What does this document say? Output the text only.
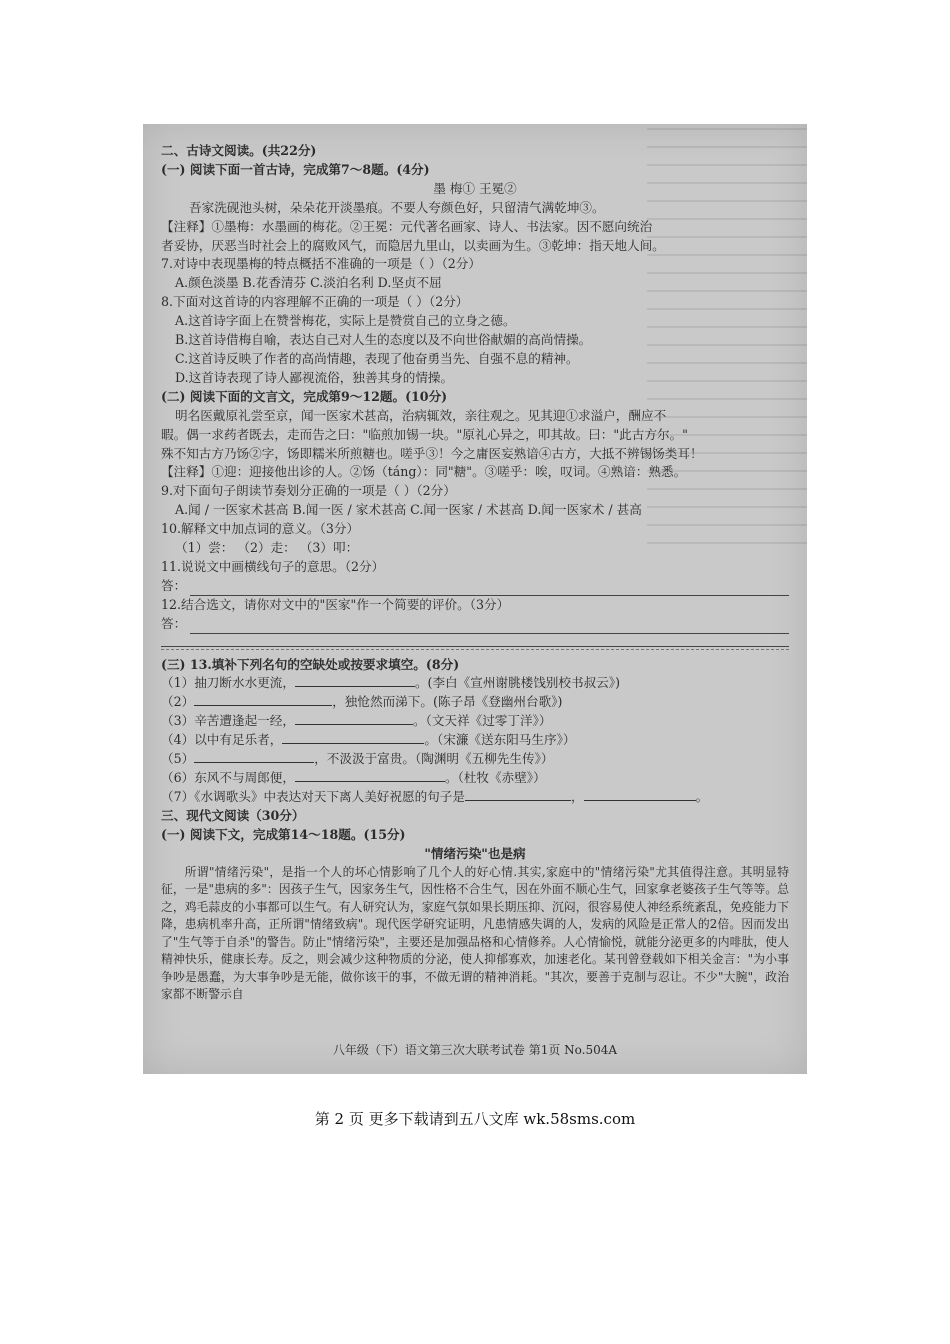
二、古诗文阅读。(共22分)
(一) 阅读下面一首古诗，完成第7～8题。(4分)
墨 梅① 王冕②
吾家洗砚池头树，朵朵花开淡墨痕。不要人夸颜色好，只留清气满乾坤③。
【注释】①墨梅：水墨画的梅花。②王冕：元代著名画家、诗人、书法家。因不愿向统治
者妥协，厌恶当时社会上的腐败风气，而隐居九里山，以卖画为生。③乾坤：指天地人间。
7.对诗中表现墨梅的特点概括不准确的一项是（ ）（2分）
A.颜色淡墨 B.花香清芬 C.淡泊名利 D.坚贞不屈
8.下面对这首诗的内容理解不正确的一项是（ ）（2分）
A.这首诗字面上在赞誉梅花，实际上是赞赏自己的立身之德。
B.这首诗借梅自喻，表达自己对人生的态度以及不向世俗献媚的高尚情操。
C.这首诗反映了作者的高尚情趣，表现了他奋勇当先、自强不息的精神。
D.这首诗表现了诗人鄙视流俗，独善其身的情操。
(二) 阅读下面的文言文，完成第9～12题。(10分)
明名医戴原礼尝至京，闻一医家术甚高，治病辄效，亲往观之。见其迎①求溢户，酬应不
暇。偶一求药者既去，走而告之曰："临煎加锡一块。"原礼心异之，叩其故。曰："此古方尔。"
殊不知古方乃饧②字，饧即糯米所煎糖也。嗟乎③！今之庸医妄熟谙④古方，大抵不辨锡饧类耳！
【注释】①迎：迎接他出诊的人。②饧（táng）：同"糖"。③嗟乎：唉，叹词。④熟谙：熟悉。
9.对下面句子朗读节奏划分正确的一项是（ ）（2分）
A.闻 / 一医家术甚高 B.闻一医 / 家术甚高 C.闻一医家 / 术甚高 D.闻一医家术 / 甚高
10.解释文中加点词的意义。（3分）
（1）尝： （2）走： （3）叩：
11.说说文中画横线句子的意思。（2分）
答：
12.结合选文，请你对文中的"医家"作一个简要的评价。（3分）
答：
(三) 13.填补下列名句的空缺处或按要求填空。(8分)
（1）抽刀断水水更流，	。(李白《宣州谢朓楼饯别校书叔云》)
（2）	，独怆然而涕下。(陈子昂《登幽州台歌》)
（3）辛苦遭逢起一经，	。（文天祥《过零丁洋》）
（4）以中有足乐者，	。（宋濂《送东阳马生序》）
（5）	，不汲汲于富贵。（陶渊明《五柳先生传》）
（6）东风不与周郎便，	。（杜牧《赤壁》）
（7）《水调歌头》中表达对天下离人美好祝愿的句子是	，	。
三、现代文阅读（30分）
(一) 阅读下文，完成第14～18题。(15分)
"情绪污染"也是病
所谓"情绪污染"，是指一个人的坏心情影响了几个人的好心情.其实,家庭中的"情绪污染"尤其值得注意。其明显特征，一是"患病的多"：因孩子生气，因家务生气，因性格不合生气，因在外面不顺心生气，回家拿老婆孩子生气等等。总之，鸡毛蒜皮的小事都可以生气。有人研究认为，家庭气氛如果长期压抑、沉闷，很容易使人神经系统紊乱，免疫能力下降，患病机率升高，正所谓"情绪致病"。现代医学研究证明，凡患情感失调的人，发病的风险是正常人的2倍。因而发出了"生气等于自杀"的警告。防止"情绪污染"，主要还是加强品格和心情修养。人心情愉悦，就能分泌更多的内啡肽，使人精神快乐，健康长寿。反之，则会减少这种物质的分泌，使人抑郁寡欢，加速老化。某刊曾登载如下相关金言："为小事争吵是愚蠢，为大事争吵是无能，做你该干的事，不做无谓的精神消耗。"其次，要善于克制与忍让。不少"大腕"，政治家都不断警示自
八年级（下）语文第三次大联考试卷 第1页 No.504A
第 2 页 更多下载请到五八文库 wk.58sms.com
